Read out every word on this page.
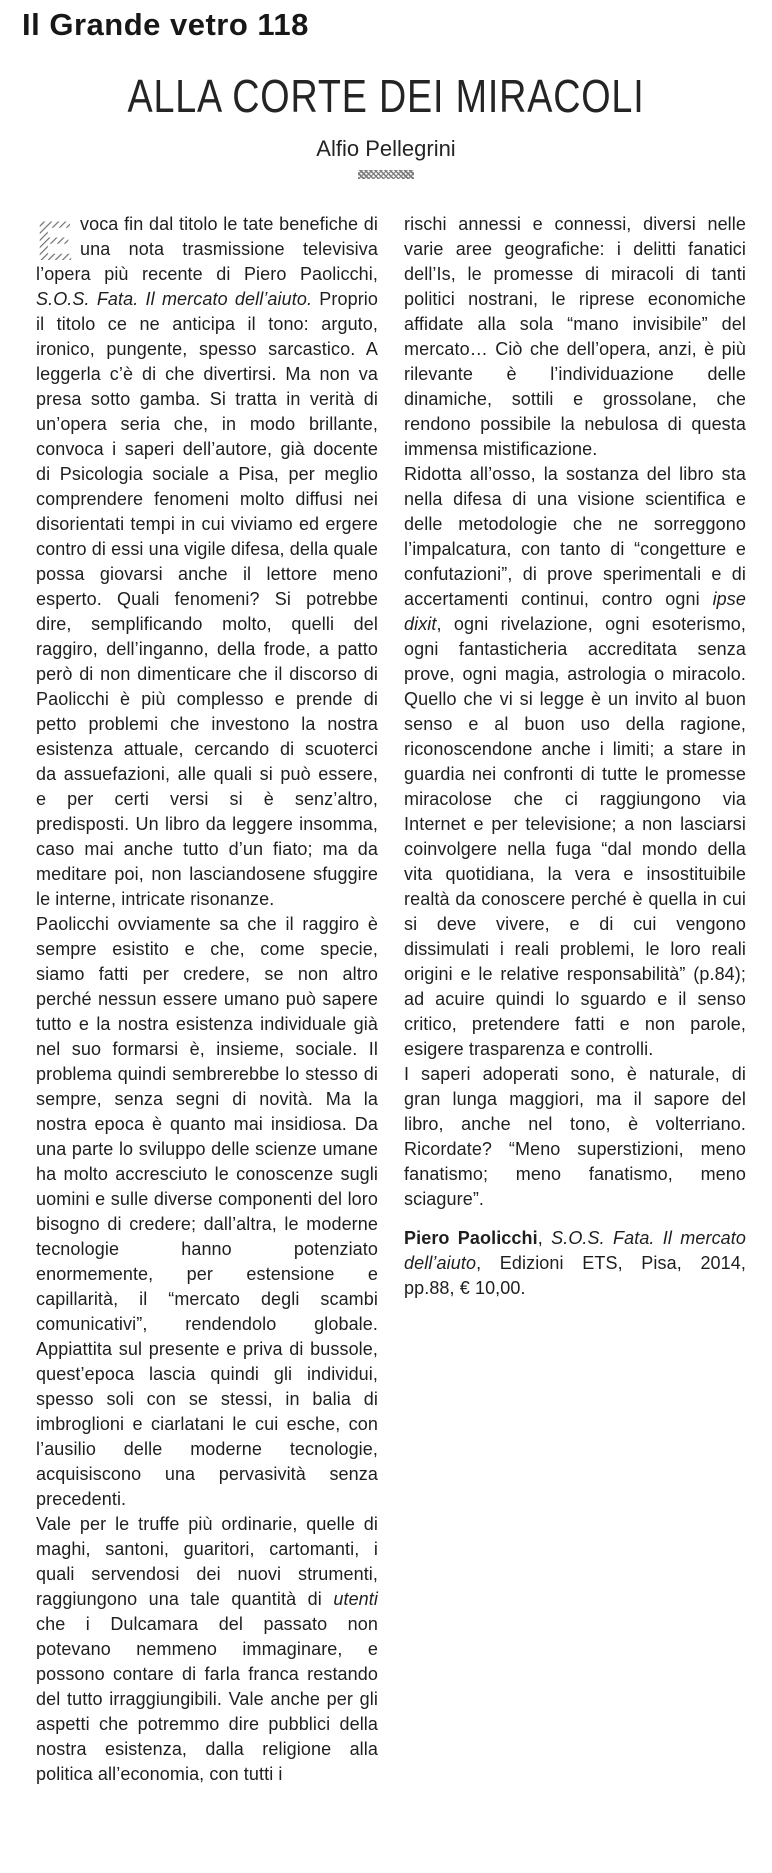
Il Grande vetro 118
ALLA CORTE DEI MIRACOLI
Alfio Pellegrini
E voca fin dal titolo le tate benefiche di una nota trasmissione televisiva l’opera più recente di Piero Paolicchi, S.O.S. Fata. Il mercato dell’aiuto. Proprio il titolo ce ne anticipa il tono: arguto, ironico, pungente, spesso sarcastico. A leggerla c’è di che divertirsi. Ma non va presa sotto gamba. Si tratta in verità di un’opera seria che, in modo brillante, convoca i saperi dell’autore, già docente di Psicologia sociale a Pisa, per meglio comprendere fenomeni molto diffusi nei disorientati tempi in cui viviamo ed ergere contro di essi una vigile difesa, della quale possa giovarsi anche il lettore meno esperto. Quali fenomeni? Si potrebbe dire, semplificando molto, quelli del raggiro, dell’inganno, della frode, a patto però di non dimenticare che il discorso di Paolicchi è più complesso e prende di petto problemi che investono la nostra esistenza attuale, cercando di scuoterci da assuefazioni, alle quali si può essere, e per certi versi si è senz’altro, predisposti. Un libro da leggere insomma, caso mai anche tutto d’un fiato; ma da meditare poi, non lasciandosene sfuggire le interne, intricate risonanze.

Paolicchi ovviamente sa che il raggiro è sempre esistito e che, come specie, siamo fatti per credere, se non altro perché nessun essere umano può sapere tutto e la nostra esistenza individuale già nel suo formarsi è, insieme, sociale. Il problema quindi sembrerebbe lo stesso di sempre, senza segni di novità. Ma la nostra epoca è quanto mai insidiosa. Da una parte lo sviluppo delle scienze umane ha molto accresciuto le conoscenze sugli uomini e sulle diverse componenti del loro bisogno di credere; dall’altra, le moderne tecnologie hanno potenziato enormemente, per estensione e capillarità, il “mercato degli scambi comunicativi”, rendendolo globale. Appiattita sul presente e priva di bussole, quest’epoca lascia quindi gli individui, spesso soli con se stessi, in balia di imbroglioni e ciarlatani le cui esche, con l’ausilio delle moderne tecnologie, acquisiscono una pervasività senza precedenti.

Vale per le truffe più ordinarie, quelle di maghi, santoni, guaritori, cartomanti, i quali servendosi dei nuovi strumenti, raggiungono una tale quantità di utenti che i Dulcamara del passato non potevano nemmeno immaginare, e possono contare di farla franca restando del tutto irraggiungibili. Vale anche per gli aspetti che potremmo dire pubblici della nostra esistenza, dalla religione alla politica all’economia, con tutti i

rischi annessi e connessi, diversi nelle varie aree geografiche: i delitti fanatici dell’Is, le promesse di miracoli di tanti politici nostrani, le riprese economiche affidate alla sola “mano invisibile” del mercato… Ciò che dell’opera, anzi, è più rilevante è l’individuazione delle dinamiche, sottili e grossolane, che rendono possibile la nebulosa di questa immensa mistificazione.

Ridotta all’osso, la sostanza del libro sta nella difesa di una visione scientifica e delle metodologie che ne sorreggono l’impalcatura, con tanto di “congetture e confutazioni”, di prove sperimentali e di accertamenti continui, contro ogni ipse dixit, ogni rivelazione, ogni esoterismo, ogni fantasticheria accreditata senza prove, ogni magia, astrologia o miracolo. Quello che vi si legge è un invito al buon senso e al buon uso della ragione, riconoscendone anche i limiti; a stare in guardia nei confronti di tutte le promesse miracolose che ci raggiungono via Internet e per televisione; a non lasciarsi coinvolgere nella fuga “dal mondo della vita quotidiana, la vera e insostituibile realtà da conoscere perché è quella in cui si deve vivere, e di cui vengono dissimulati i reali problemi, le loro reali origini e le relative responsabilità” (p.84); ad acuire quindi lo sguardo e il senso critico, pretendere fatti e non parole, esigere trasparenza e controlli.

I saperi adoperati sono, è naturale, di gran lunga maggiori, ma il sapore del libro, anche nel tono, è volterriano. Ricordate? “Meno superstizioni, meno fanatismo; meno fanatismo, meno sciagure”.

Piero Paolicchi, S.O.S. Fata. Il mercato dell’aiuto, Edizioni ETS, Pisa, 2014, pp.88, € 10,00.
